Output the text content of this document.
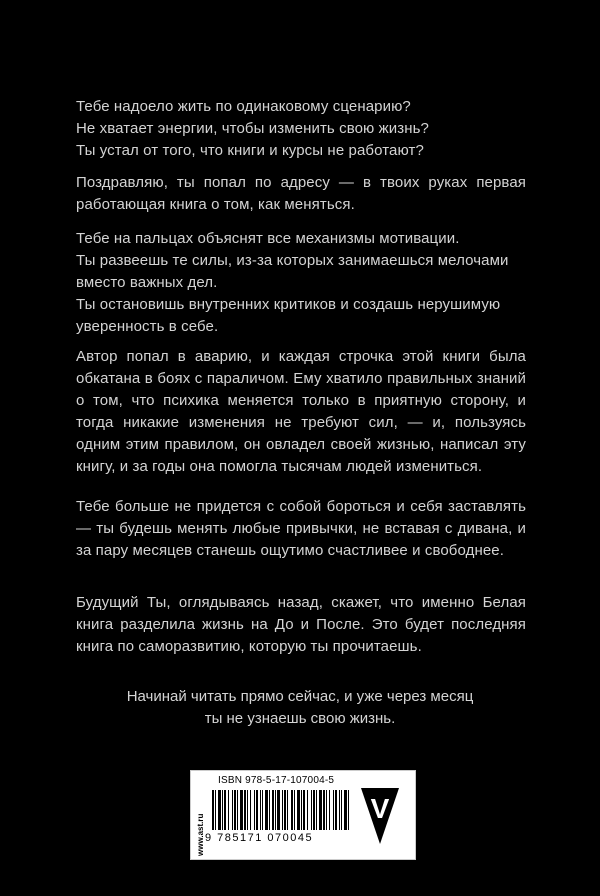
Тебе надоело жить по одинаковому сценарию?

Не хватает энергии, чтобы изменить свою жизнь?

Ты устал от того, что книги и курсы не работают?

Поздравляю, ты попал по адресу — в твоих руках первая работающая книга о том, как меняться.

Тебе на пальцах объяснят все механизмы мотивации.

Ты развеешь те силы, из-за которых занимаешься мелочами вместо важных дел.

Ты остановишь внутренних критиков и создашь нерушимую уверенность в себе.

Автор попал в аварию, и каждая строчка этой книги была обкатана в боях с параличом. Ему хватило правильных знаний о том, что психика меняется только в приятную сторону, и тогда никакие изменения не требуют сил, — и, пользуясь одним этим правилом, он овладел своей жизнью, написал эту книгу, и за годы она помогла тысячам людей измениться.

Тебе больше не придется с собой бороться и себя заставлять — ты будешь менять любые привычки, не вставая с дивана, и за пару месяцев станешь ощутимо счастливее и свободнее.

Будущий Ты, оглядываясь назад, скажет, что именно Белая книга разделила жизнь на До и После. Это будет последняя книга по саморазвитию, которую ты прочитаешь.

Начинай читать прямо сейчас, и уже через месяц

ты не узнаешь свою жизнь.

ISBN 978-5-17-107004-5
9 785171 070045
www.ast.ru
V
